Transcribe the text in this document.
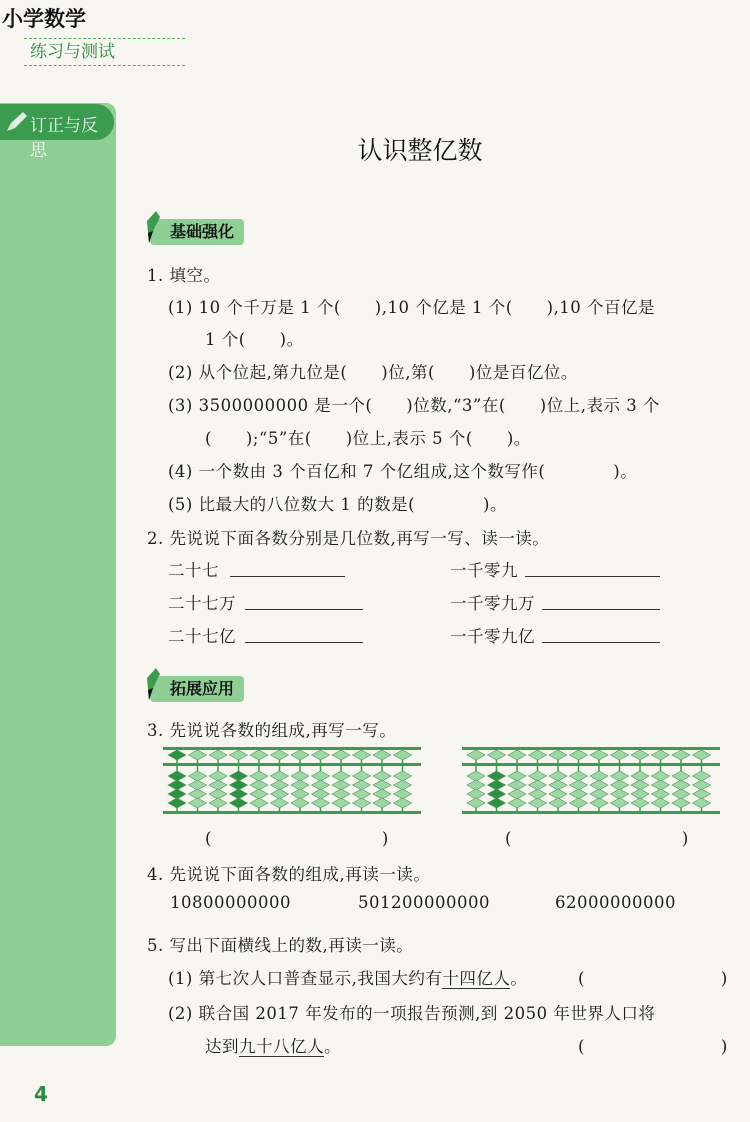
小学数学
练习与测试
订正与反思	认识整亿数
基础强化
1. 填空。
(1) 10 个千万是 1 个(　　),10 个亿是 1 个(　　),10 个百亿是
1 个(　　)。
(2) 从个位起,第九位是(　　)位,第(　　)位是百亿位。
(3) 3500000000 是一个(　　)位数,“3”在(　　)位上,表示 3 个
(　　);“5”在(　　)位上,表示 5 个(　　)。
(4) 一个数由 3 个百亿和 7 个亿组成,这个数写作(　　　　)。
(5) 比最大的八位数大 1 的数是(　　　　)。
2. 先说说下面各数分别是几位数,再写一写、读一读。
二十七	一千零九
二十七万	一千零九万
二十七亿	一千零九亿
拓展应用
3. 先说说各数的组成,再写一写。
(　　　　　　　　　　)	(　　　　　　　　　　)
4. 先说说下面各数的组成,再读一读。
10800000000	501200000000	62000000000
5. 写出下面横线上的数,再读一读。
(1) 第七次人口普查显示,我国大约有十四亿人。	(　　　　　　　　)
(2) 联合国 2017 年发布的一项报告预测,到 2050 年世界人口将
达到九十八亿人。	(　　　　　　　　)
4
